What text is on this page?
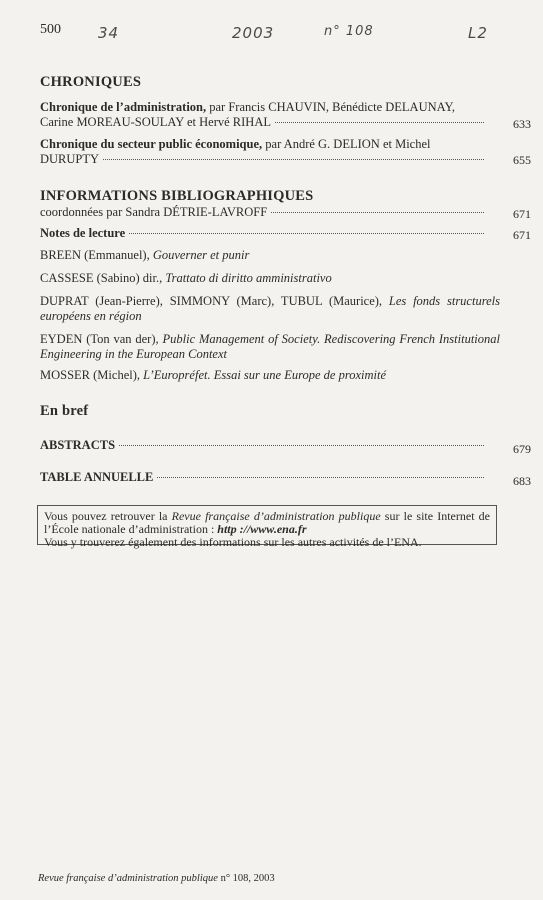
500 34	2003	n° 108	L2
CHRONIQUES
Chronique de l’administration, par Francis CHAUVIN, Bénédicte DELAUNAY,
Carine MOREAU-SOULAY et Hervé RIHAL	633
Chronique du secteur public économique, par André G. DELION et Michel
DURUPTY	655
INFORMATIONS BIBLIOGRAPHIQUES
coordonnées par Sandra DÉTRIE-LAVROFF	671
Notes de lecture	671
BREEN (Emmanuel), Gouverner et punir
CASSESE (Sabino) dir., Trattato di diritto amministrativo
DUPRAT (Jean-Pierre), SIMMONY (Marc), TUBUL (Maurice), Les fonds structurels européens en région
EYDEN (Ton van der), Public Management of Society. Rediscovering French Institutional Engineering in the European Context
MOSSER (Michel), L’Europréfet. Essai sur une Europe de proximité
En bref
ABSTRACTS	679
TABLE ANNUELLE	683
Vous pouvez retrouver la Revue française d’administration publique sur le site Internet de l’École nationale d’administration : http ://www.ena.fr
Vous y trouverez également des informations sur les autres activités de l’ENA.
Revue française d’administration publique n° 108, 2003
